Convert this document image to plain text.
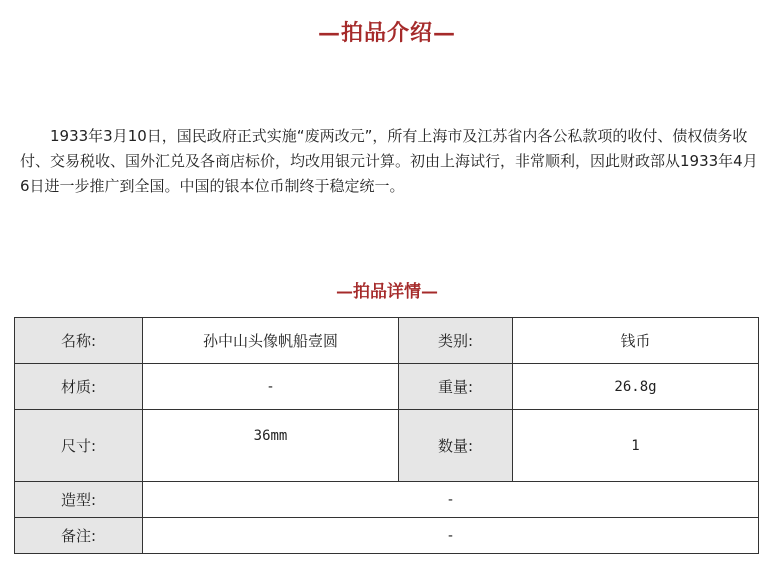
—拍品介绍—
1933年3月10日，国民政府正式实施“废两改元”，所有上海市及江苏省内各公私款项的收付、债权债务收付、交易税收、国外汇兑及各商店标价，均改用银元计算。初由上海试行，非常顺利，因此财政部从1933年4月6日进一步推广到全国。中国的银本位币制终于稳定统一。
—拍品详情—
名称:	孙中山头像帆船壹圆	类别:	钱币
材质:	-	重量:	26.8g
尺寸:	36mm	数量:	1
造型:	-		
备注:	-		
